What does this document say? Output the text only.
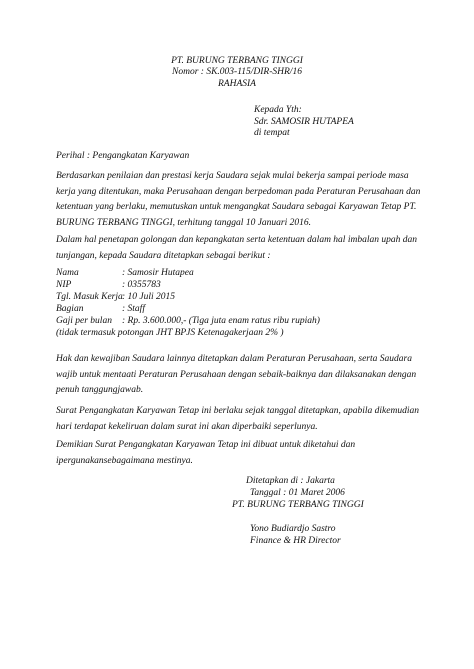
PT. BURUNG TERBANG TINGGI
Nomor : SK.003-115/DIR-SHR/16
RAHASIA
Kepada Yth:
Sdr. SAMOSIR HUTAPEA
di tempat
Perihal : Pengangkatan Karyawan
Berdasarkan penilaian dan prestasi kerja Saudara sejak mulai bekerja sampai periode masa
kerja yang ditentukan, maka Perusahaan dengan berpedoman pada Peraturan Perusahaan dan
ketentuan yang berlaku, memutuskan untuk mengangkat Saudara sebagai Karyawan Tetap PT.
BURUNG TERBANG TINGGI, terhitung tanggal 10 Januari 2016.
Dalam hal penetapan golongan dan kepangkatan serta ketentuan dalam hal imbalan upah dan
tunjangan, kepada Saudara ditetapkan sebagai berikut :
Nama	: Samosir Hutapea
NIP	: 0355783
Tgl. Masuk Kerja: 10 Juli 2015
Bagian	: Staff
Gaji per bulan : Rp. 3.600.000,- (Tiga juta enam ratus ribu rupiah)
(tidak termasuk potongan JHT BPJS Ketenagakerjaan 2% )
Hak dan kewajiban Saudara lainnya ditetapkan dalam Peraturan Perusahaan, serta Saudara
wajib untuk mentaati Peraturan Perusahaan dengan sebaik-baiknya dan dilaksanakan dengan
penuh tanggungjawab.
Surat Pengangkatan Karyawan Tetap ini berlaku sejak tanggal ditetapkan, apabila dikemudian
hari terdapat kekeliruan dalam surat ini akan diperbaiki seperlunya.
Demikian Surat Pengangkatan Karyawan Tetap ini dibuat untuk diketahui dan
ipergunakansebagaimana mestinya.
Ditetapkan di : Jakarta
Tanggal : 01 Maret 2006
PT. BURUNG TERBANG TINGGI
Yono Budiardjo Sastro
Finance & HR Director
